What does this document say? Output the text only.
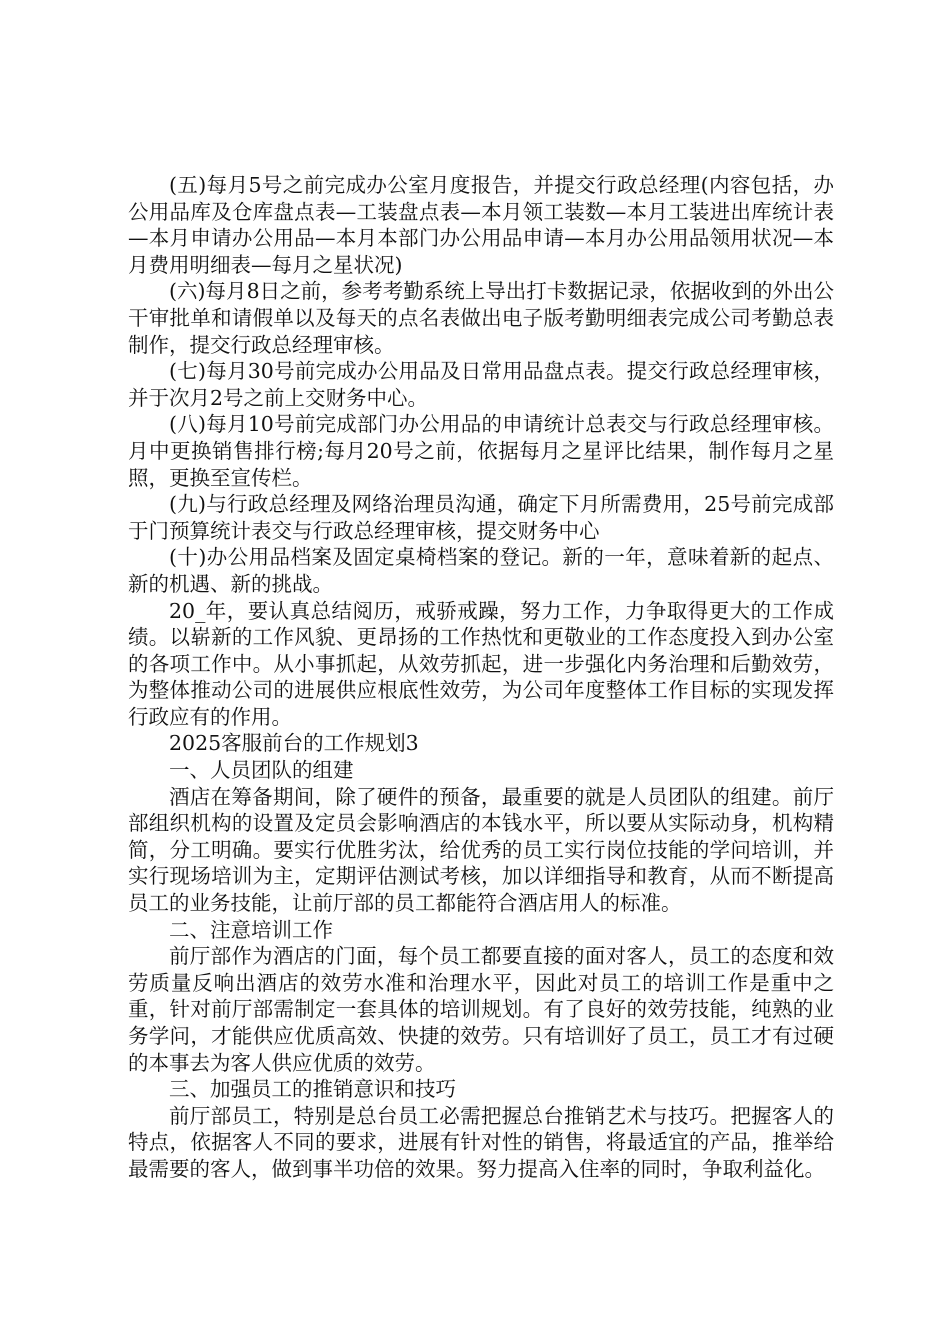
(五)每月5号之前完成办公室月度报告，并提交行政总经理(内容包括，办公用品库及仓库盘点表—工装盘点表—本月领工装数—本月工装进出库统计表—本月申请办公用品—本月本部门办公用品申请—本月办公用品领用状况—本月费用明细表—每月之星状况)

(六)每月8日之前，参考考勤系统上导出打卡数据记录，依据收到的外出公干审批单和请假单以及每天的点名表做出电子版考勤明细表完成公司考勤总表制作，提交行政总经理审核。

(七)每月30号前完成办公用品及日常用品盘点表。提交行政总经理审核，并于次月2号之前上交财务中心。

(八)每月10号前完成部门办公用品的申请统计总表交与行政总经理审核。月中更换销售排行榜;每月20号之前，依据每月之星评比结果，制作每月之星照，更换至宣传栏。

(九)与行政总经理及网络治理员沟通，确定下月所需费用，25号前完成部于门预算统计表交与行政总经理审核，提交财务中心

(十)办公用品档案及固定桌椅档案的登记。新的一年，意味着新的起点、新的机遇、新的挑战。

20_年，要认真总结阅历，戒骄戒躁，努力工作，力争取得更大的工作成绩。以崭新的工作风貌、更昂扬的工作热忱和更敬业的工作态度投入到办公室的各项工作中。从小事抓起，从效劳抓起，进一步强化内务治理和后勤效劳，为整体推动公司的进展供应根底性效劳，为公司年度整体工作目标的实现发挥行政应有的作用。

2025客服前台的工作规划3

一、人员团队的组建

酒店在筹备期间，除了硬件的预备，最重要的就是人员团队的组建。前厅部组织机构的设置及定员会影响酒店的本钱水平，所以要从实际动身，机构精简，分工明确。要实行优胜劣汰，给优秀的员工实行岗位技能的学问培训，并实行现场培训为主，定期评估测试考核，加以详细指导和教育，从而不断提高员工的业务技能，让前厅部的员工都能符合酒店用人的标准。

二、注意培训工作

前厅部作为酒店的门面，每个员工都要直接的面对客人，员工的态度和效劳质量反响出酒店的效劳水准和治理水平，因此对员工的培训工作是重中之重，针对前厅部需制定一套具体的培训规划。有了良好的效劳技能，纯熟的业务学问，才能供应优质高效、快捷的效劳。只有培训好了员工，员工才有过硬的本事去为客人供应优质的效劳。

三、加强员工的推销意识和技巧

前厅部员工，特别是总台员工必需把握总台推销艺术与技巧。把握客人的特点，依据客人不同的要求，进展有针对性的销售，将最适宜的产品，推举给最需要的客人，做到事半功倍的效果。努力提高入住率的同时，争取利益化。
